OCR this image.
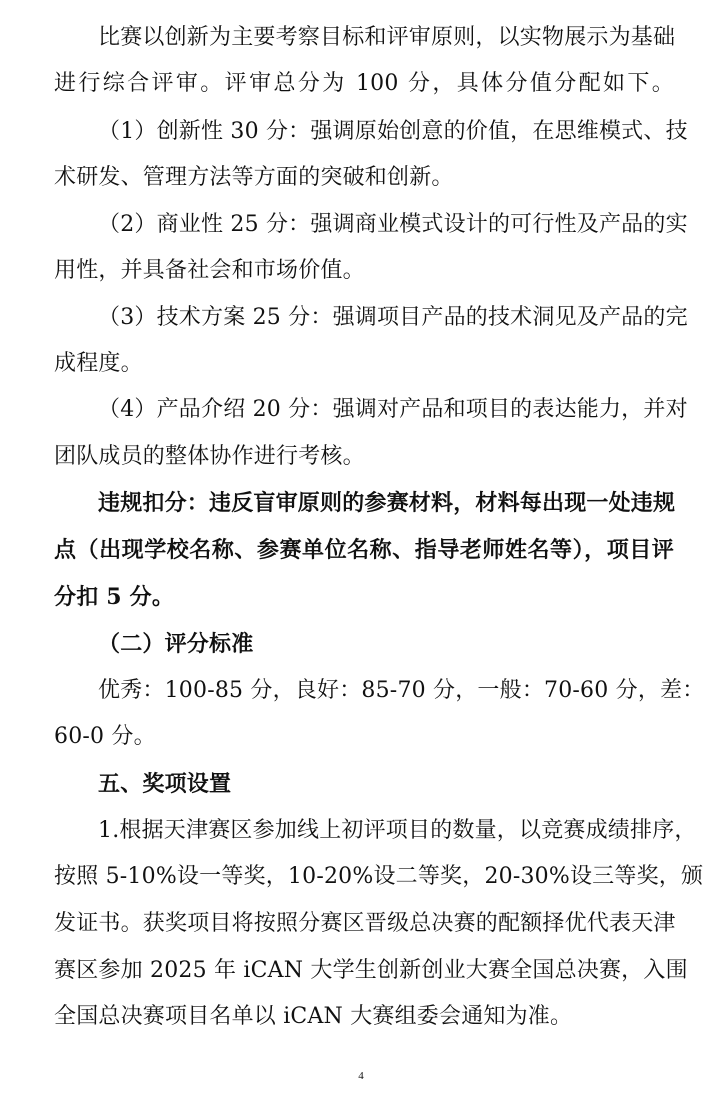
比赛以创新为主要考察目标和评审原则，以实物展示为基础
进行综合评审。评审总分为 100 分，具体分值分配如下。
（1）创新性 30 分：强调原始创意的价值，在思维模式、技
术研发、管理方法等方面的突破和创新。
（2）商业性 25 分：强调商业模式设计的可行性及产品的实
用性，并具备社会和市场价值。
（3）技术方案 25 分：强调项目产品的技术洞见及产品的完
成程度。
（4）产品介绍 20 分：强调对产品和项目的表达能力，并对
团队成员的整体协作进行考核。
违规扣分：违反盲审原则的参赛材料，材料每出现一处违规
点（出现学校名称、参赛单位名称、指导老师姓名等），项目评
分扣 5 分。
（二）评分标准
优秀：100-85 分，良好：85-70 分，一般：70-60 分，差：
60-0 分。
五、奖项设置
1.根据天津赛区参加线上初评项目的数量，以竞赛成绩排序，
按照 5-10%设一等奖，10-20%设二等奖，20-30%设三等奖，颁
发证书。获奖项目将按照分赛区晋级总决赛的配额择优代表天津
赛区参加 2025 年 iCAN 大学生创新创业大赛全国总决赛，入围
全国总决赛项目名单以 iCAN 大赛组委会通知为准。
4
